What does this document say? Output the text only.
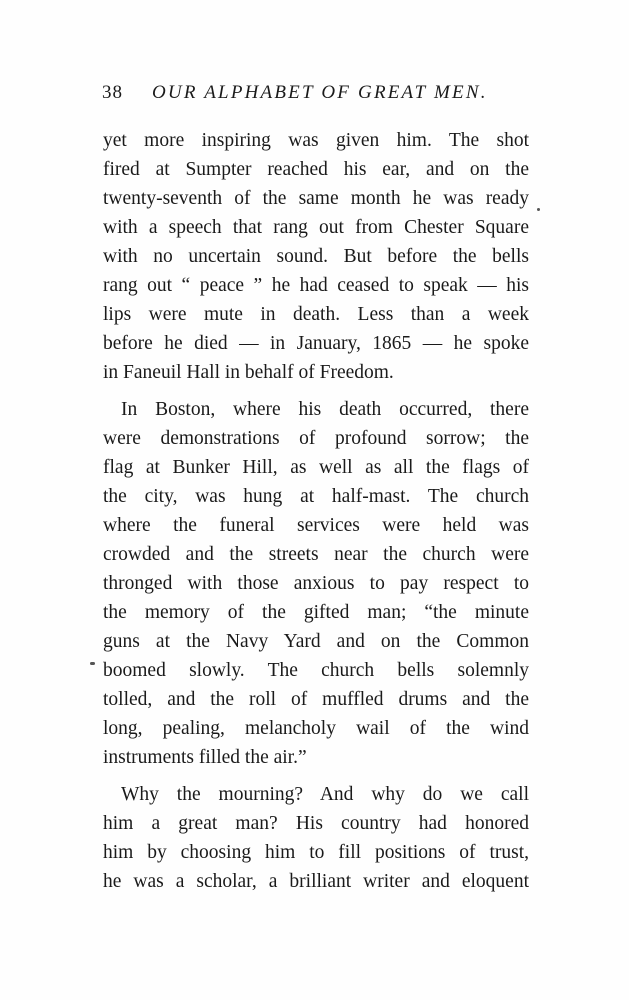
38 OUR ALPHABET OF GREAT MEN.
yet more inspiring was given him. The shot
fired at Sumpter reached his ear, and on the
twenty-seventh of the same month he was ready
with a speech that rang out from Chester Square
with no uncertain sound. But before the bells
rang out “ peace ” he had ceased to speak — his
lips were mute in death. Less than a week
before he died — in January, 1865 — he spoke
in Faneuil Hall in behalf of Freedom.
In Boston, where his death occurred, there
were demonstrations of profound sorrow; the
flag at Bunker Hill, as well as all the flags of
the city, was hung at half-mast. The church
where the funeral services were held was
crowded and the streets near the church were
thronged with those anxious to pay respect to
the memory of the gifted man; “the minute
guns at the Navy Yard and on the Common
boomed slowly. The church bells solemnly
tolled, and the roll of muffled drums and the
long, pealing, melancholy wail of the wind
instruments filled the air.”
Why the mourning? And why do we call
him a great man? His country had honored
him by choosing him to fill positions of trust,
he was a scholar, a brilliant writer and eloquent
